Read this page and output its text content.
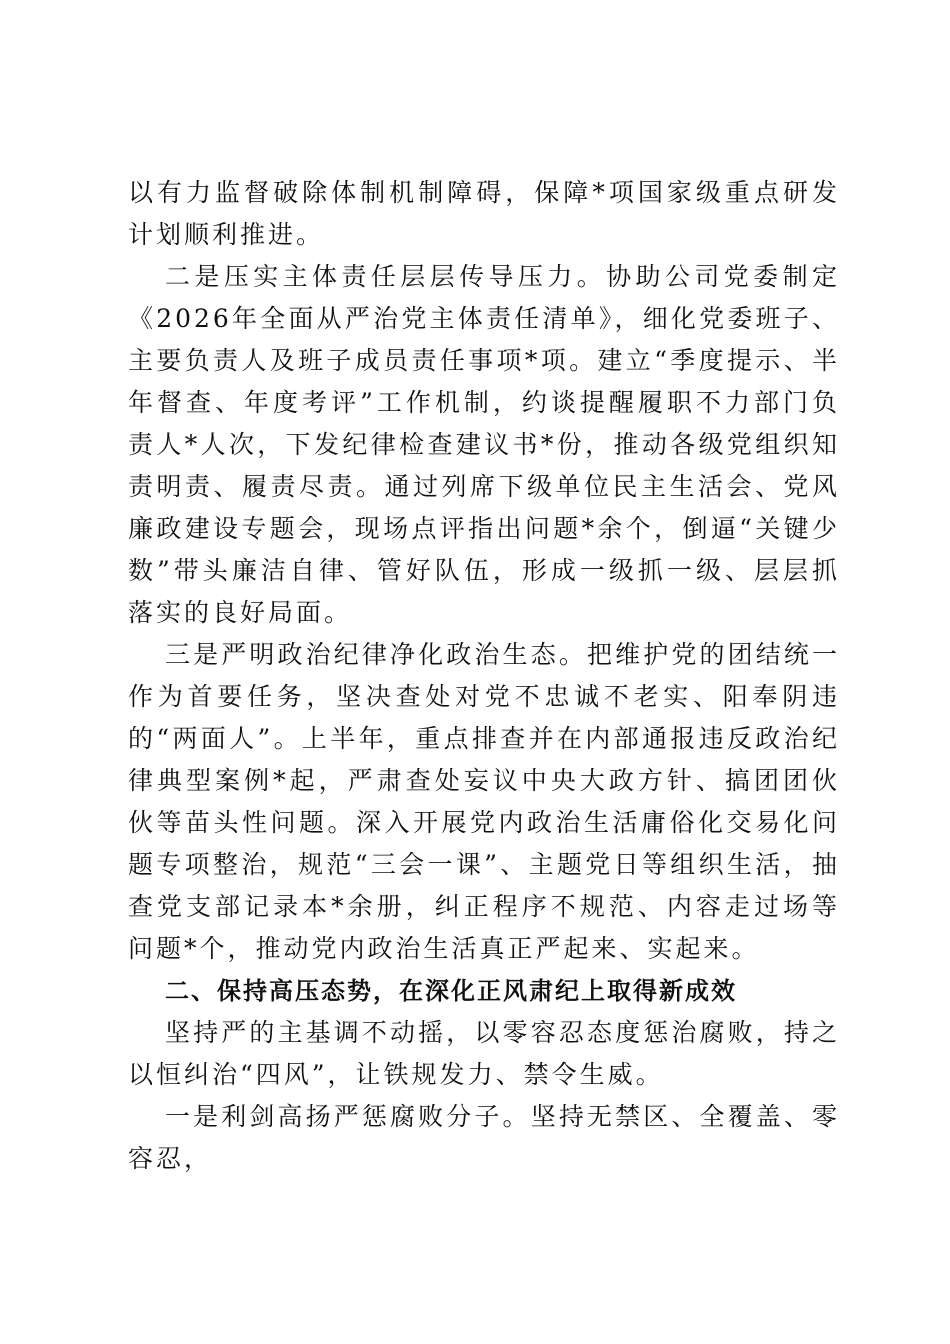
以有力监督破除体制机制障碍，保障*项国家级重点研发计划顺利推进。

二是压实主体责任层层传导压力。协助公司党委制定《2026年全面从严治党主体责任清单》，细化党委班子、主要负责人及班子成员责任事项*项。建立“季度提示、半年督查、年度考评”工作机制，约谈提醒履职不力部门负责人*人次，下发纪律检查建议书*份，推动各级党组织知责明责、履责尽责。通过列席下级单位民主生活会、党风廉政建设专题会，现场点评指出问题*余个，倒逼“关键少数”带头廉洁自律、管好队伍，形成一级抓一级、层层抓落实的良好局面。

三是严明政治纪律净化政治生态。把维护党的团结统一作为首要任务，坚决查处对党不忠诚不老实、阳奉阴违的“两面人”。上半年，重点排查并在内部通报违反政治纪律典型案例*起，严肃查处妄议中央大政方针、搞团团伙伙等苗头性问题。深入开展党内政治生活庸俗化交易化问题专项整治，规范“三会一课”、主题党日等组织生活，抽查党支部记录本*余册，纠正程序不规范、内容走过场等问题*个，推动党内政治生活真正严起来、实起来。

二、保持高压态势，在深化正风肃纪上取得新成效

坚持严的主基调不动摇，以零容忍态度惩治腐败，持之以恒纠治“四风”，让铁规发力、禁令生威。

一是利剑高扬严惩腐败分子。坚持无禁区、全覆盖、零容忍，
